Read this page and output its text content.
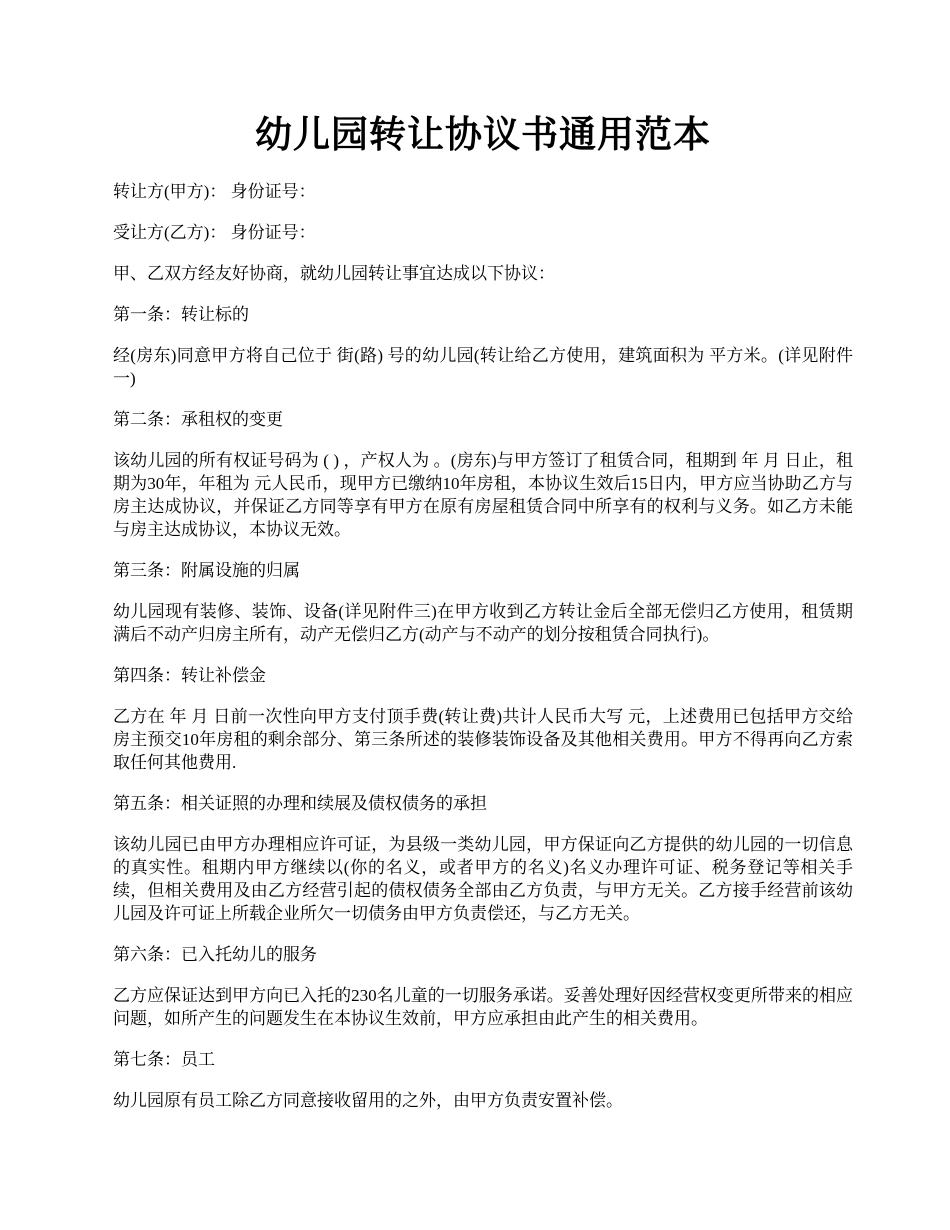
幼儿园转让协议书通用范本

转让方(甲方)： 身份证号：

受让方(乙方)： 身份证号：

甲、乙双方经友好协商，就幼儿园转让事宜达成以下协议：

第一条：转让标的

经(房东)同意甲方将自己位于 街(路) 号的幼儿园(转让给乙方使用，建筑面积为 平方米。(详见附件一)

第二条：承租权的变更

该幼儿园的所有权证号码为 ( ) ，产权人为 。(房东)与甲方签订了租赁合同，租期到 年 月 日止，租期为30年，年租为 元人民币，现甲方已缴纳10年房租，本协议生效后15日内，甲方应当协助乙方与房主达成协议，并保证乙方同等享有甲方在原有房屋租赁合同中所享有的权利与义务。如乙方未能与房主达成协议，本协议无效。

第三条：附属设施的归属

幼儿园现有装修、装饰、设备(详见附件三)在甲方收到乙方转让金后全部无偿归乙方使用，租赁期满后不动产归房主所有，动产无偿归乙方(动产与不动产的划分按租赁合同执行)。

第四条：转让补偿金

乙方在 年 月 日前一次性向甲方支付顶手费(转让费)共计人民币大写 元，上述费用已包括甲方交给房主预交10年房租的剩余部分、第三条所述的装修装饰设备及其他相关费用。甲方不得再向乙方索取任何其他费用.

第五条：相关证照的办理和续展及债权债务的承担

该幼儿园已由甲方办理相应许可证，为县级一类幼儿园，甲方保证向乙方提供的幼儿园的一切信息的真实性。租期内甲方继续以(你的名义，或者甲方的名义)名义办理许可证、税务登记等相关手续，但相关费用及由乙方经营引起的债权债务全部由乙方负责，与甲方无关。乙方接手经营前该幼儿园及许可证上所载企业所欠一切债务由甲方负责偿还，与乙方无关。

第六条：已入托幼儿的服务

乙方应保证达到甲方向已入托的230名儿童的一切服务承诺。妥善处理好因经营权变更所带来的相应问题，如所产生的问题发生在本协议生效前，甲方应承担由此产生的相关费用。

第七条：员工

幼儿园原有员工除乙方同意接收留用的之外，由甲方负责安置补偿。
